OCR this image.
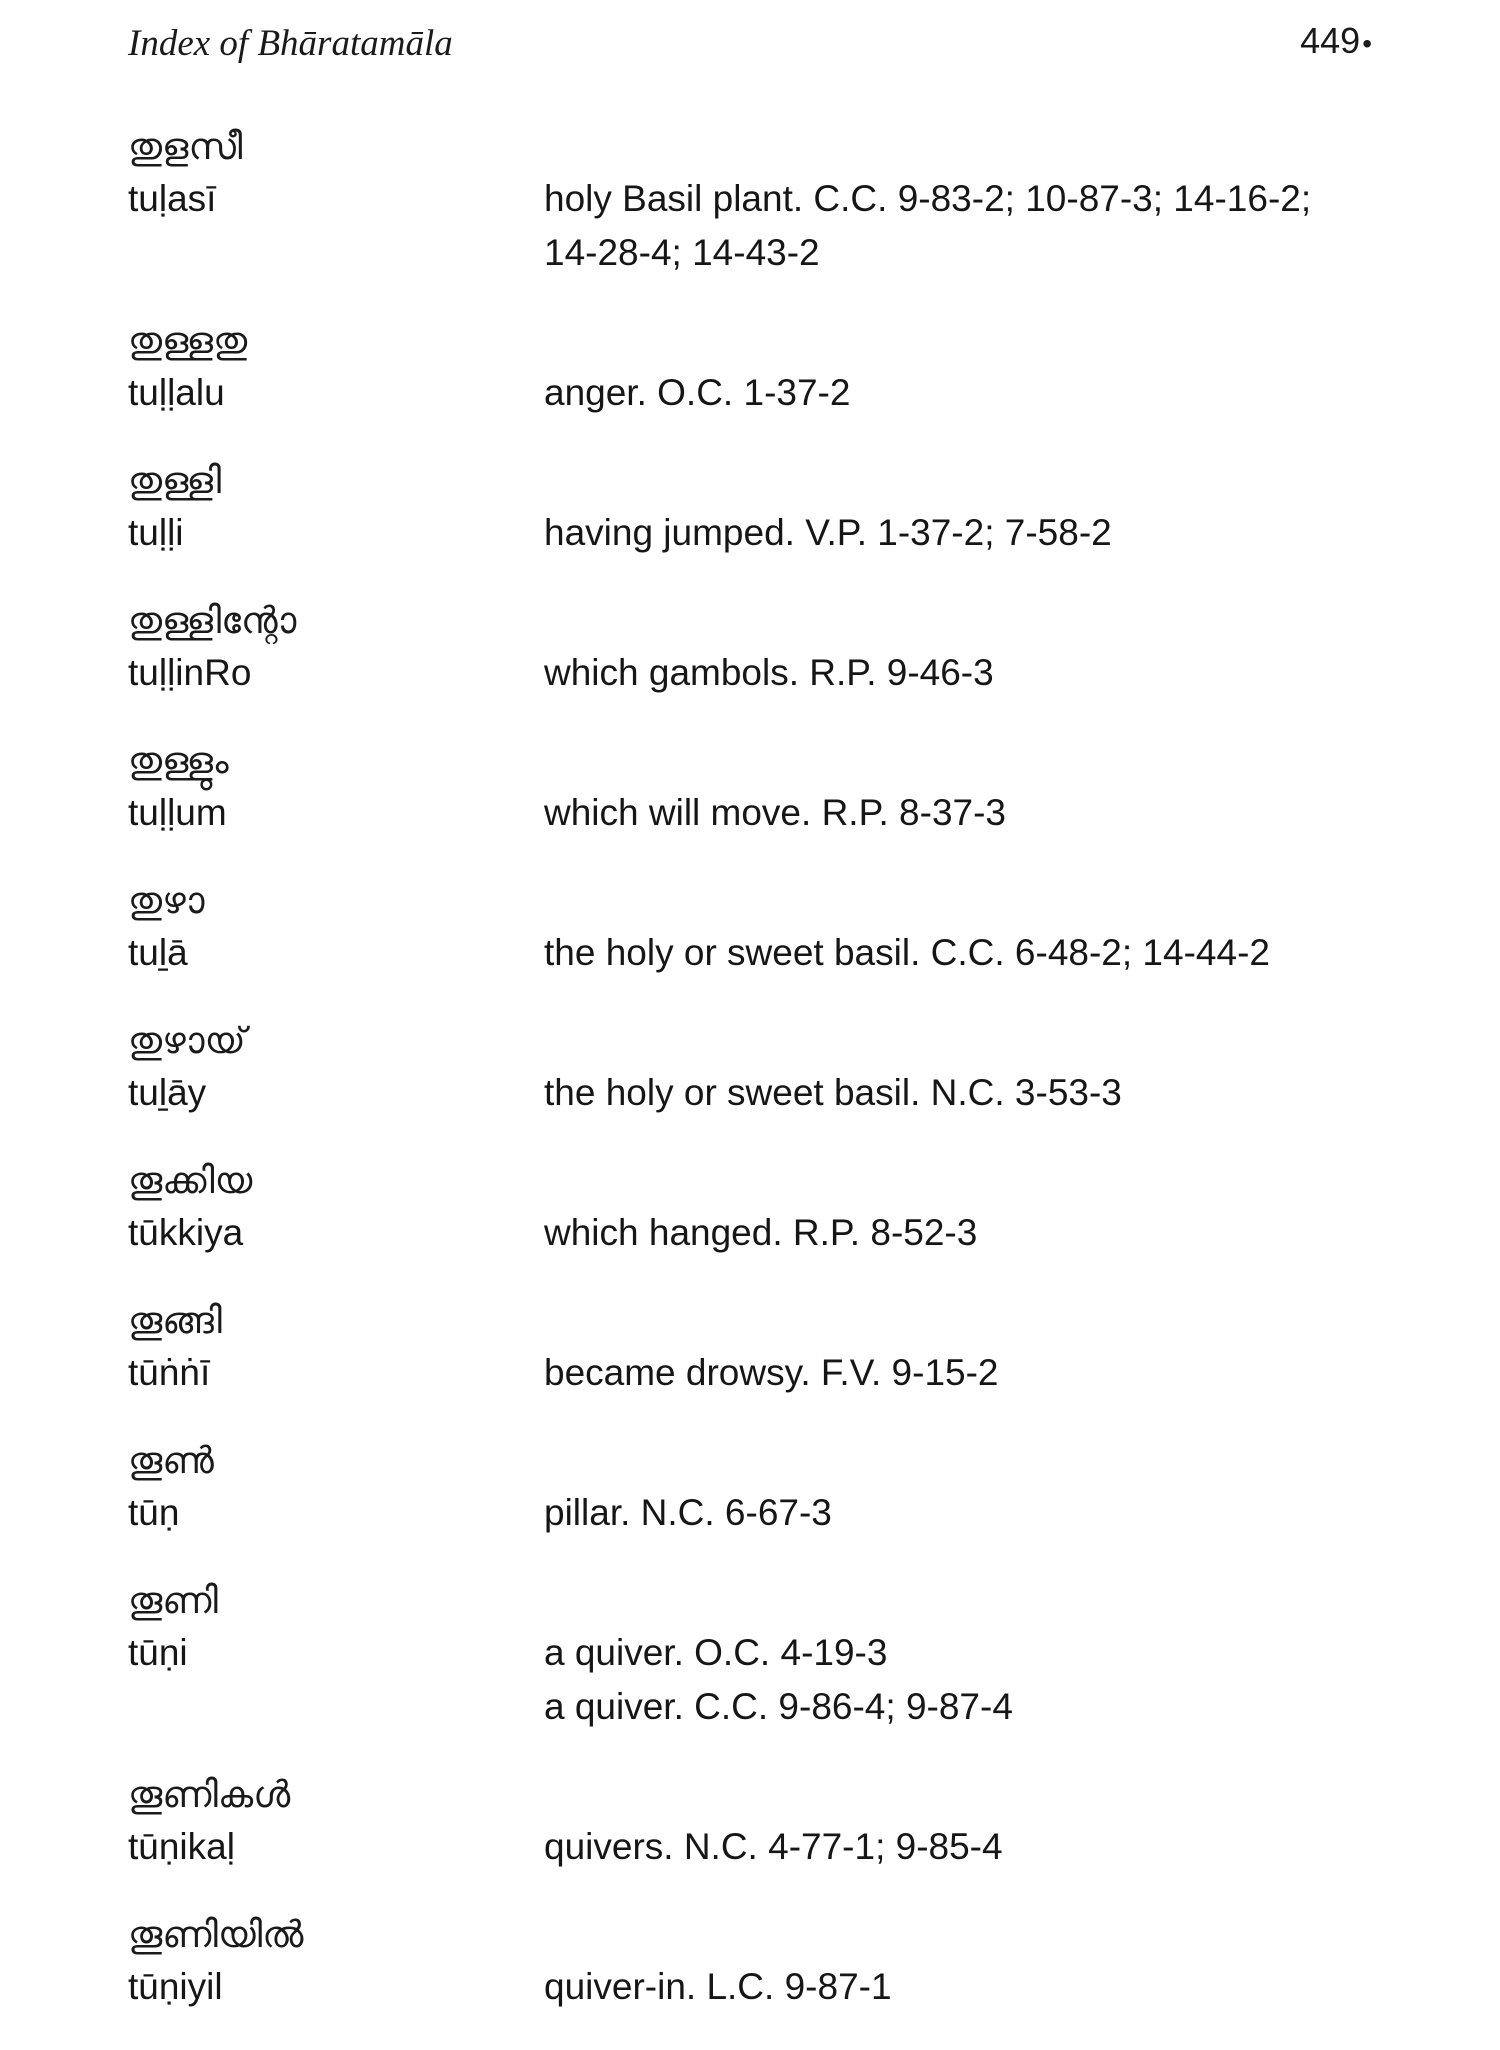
Index of Bhāratamāla	449•
തുളസീ
tuḷasī	holy Basil plant. C.C. 9-83-2; 10-87-3; 14-16-2; 14-28-4; 14-43-2
തുള്ളതു
tuḷḷalu	anger. O.C. 1-37-2
തുള്ളി
tuḷḷi	having jumped. V.P. 1-37-2; 7-58-2
തുള്ളിന്റോ
tuḷḷinRo	which gambols. R.P. 9-46-3
തുള്ളും
tuḷḷum	which will move. R.P. 8-37-3
തുഴാ
tuḻā	the holy or sweet basil. C.C. 6-48-2; 14-44-2
തുഴായ്
tuḻāy	the holy or sweet basil. N.C. 3-53-3
തൂക്കിയ
tūkkiya	which hanged. R.P. 8-52-3
തൂങ്ങി
tūṅṅī	became drowsy. F.V. 9-15-2
തൂൺ
tūṇ	pillar. N.C. 6-67-3
തൂണി
tūṇi	a quiver. O.C. 4-19-3
a quiver. C.C. 9-86-4; 9-87-4
തൂണികൾ
tūṇikaḷ	quivers. N.C. 4-77-1; 9-85-4
തൂണിയിൽ
tūṇiyil	quiver-in. L.C. 9-87-1
